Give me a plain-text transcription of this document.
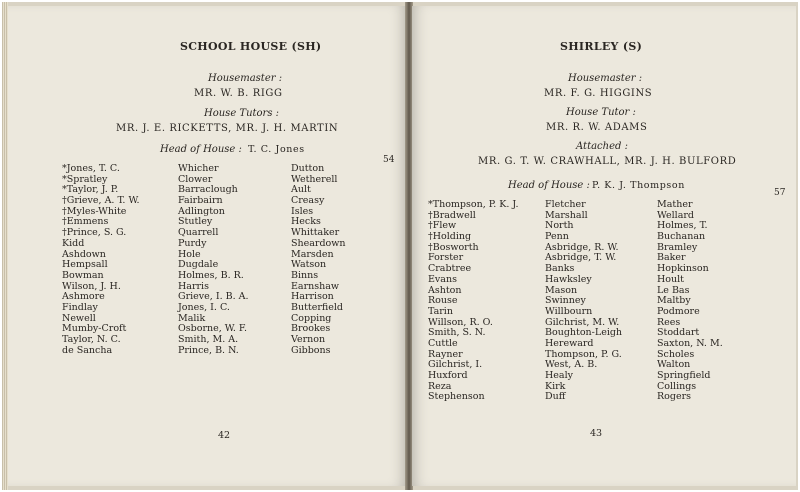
SCHOOL HOUSE (SH)
Housemaster :
MR. W. B. RIGG
House Tutors :
MR. J. E. RICKETTS, MR. J. H. MARTIN
Head of House : T. C. Jones
54
*Jones, T. C.
*Spratley
*Taylor, J. P.
†Grieve, A. T. W.
†Myles-White
†Emmens
†Prince, S. G.
Kidd
Ashdown
Hempsall
Bowman
Wilson, J. H.
Ashmore
Findlay
Newell
Mumby-Croft
Taylor, N. C.
de Sancha
Whicher
Clower
Barraclough
Fairbairn
Adlington
Stutley
Quarrell
Purdy
Hole
Dugdale
Holmes, B. R.
Harris
Grieve, I. B. A.
Jones, I. C.
Malik
Osborne, W. F.
Smith, M. A.
Prince, B. N.
Dutton
Wetherell
Ault
Creasy
Isles
Hecks
Whittaker
Sheardown
Marsden
Watson
Binns
Earnshaw
Harrison
Butterfield
Copping
Brookes
Vernon
Gibbons
42
SHIRLEY (S)
Housemaster :
MR. F. G. HIGGINS
House Tutor :
MR. R. W. ADAMS
Attached :
MR. G. T. W. CRAWHALL, MR. J. H. BULFORD
Head of House : P. K. J. Thompson
57
*Thompson, P. K. J.
†Bradwell
†Flew
†Holding
†Bosworth
Forster
Crabtree
Evans
Ashton
Rouse
Tarin
Willson, R. O.
Smith, S. N.
Cuttle
Rayner
Gilchrist, I.
Huxford
Reza
Stephenson
Fletcher
Marshall
North
Penn
Asbridge, R. W.
Asbridge, T. W.
Banks
Hawksley
Mason
Swinney
Willbourn
Gilchrist, M. W.
Boughton-Leigh
Hereward
Thompson, P. G.
West, A. B.
Healy
Kirk
Duff
Mather
Wellard
Holmes, T.
Buchanan
Bramley
Baker
Hopkinson
Hoult
Le Bas
Maltby
Podmore
Rees
Stoddart
Saxton, N. M.
Scholes
Walton
Springfield
Collings
Rogers
43
